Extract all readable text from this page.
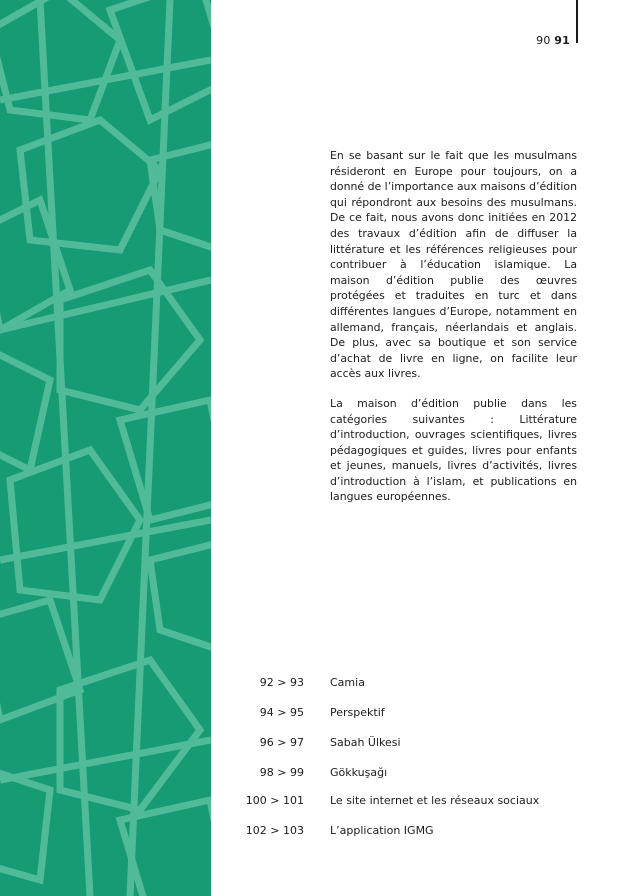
90 91

En se basant sur le fait que les musulmans résideront en Europe pour toujours, on a donné de l’importance aux maisons d’édition qui répondront aux besoins des musulmans. De ce fait, nous avons donc initiées en 2012 des travaux d’édition afin de diffuser la littérature et les références religieuses pour contribuer à l’éducation islamique. La maison d’édition publie des œuvres protégées et traduites en turc et dans différentes langues d’Europe, notamment en allemand, français, néerlandais et anglais. De plus, avec sa boutique et son service d’achat de livre en ligne, on facilite leur accès aux livres.

La maison d’édition publie dans les catégories suivantes : Littérature d’introduction, ouvrages scientifiques, livres pédagogiques et guides, livres pour enfants et jeunes, manuels, livres d’activités, livres d’introduction à l’islam, et publications en langues européennes.

92 > 93 Camia
94 > 95 Perspektif
96 > 97 Sabah Ülkesi
98 > 99 Gökkuşağı
100 > 101 Le site internet et les réseaux sociaux
102 > 103 L’application IGMG
